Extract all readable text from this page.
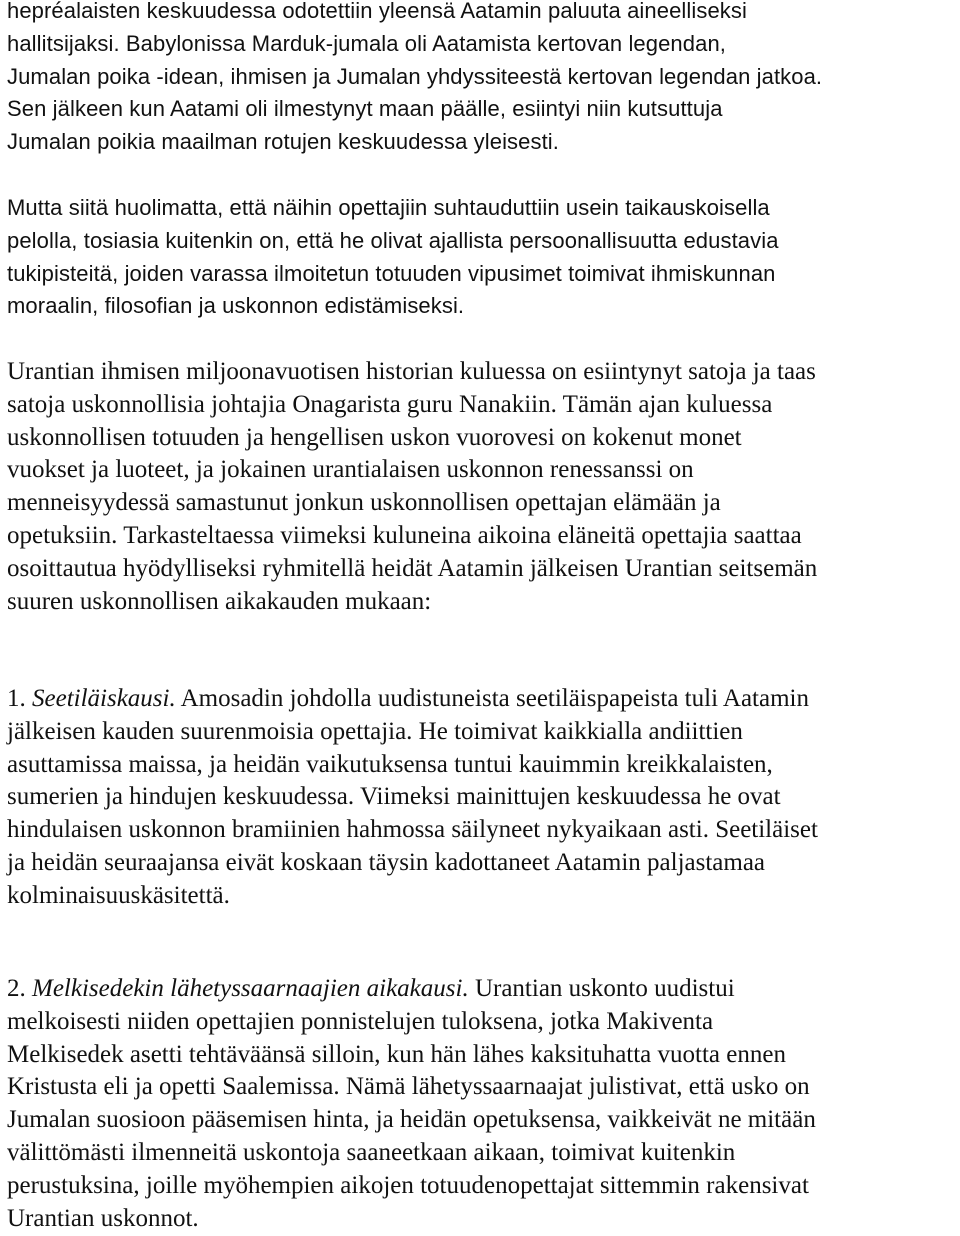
hepréalaisten keskuudessa odotettiin yleensä Aatamin paluuta aineelliseksi
hallitsijaksi. Babylonissa Marduk-jumala oli Aatamista kertovan legendan,
Jumalan poika -idean, ihmisen ja Jumalan yhdyssiteestä kertovan legendan jatkoa.
Sen jälkeen kun Aatami oli ilmestynyt maan päälle, esiintyi niin kutsuttuja
Jumalan poikia maailman rotujen keskuudessa yleisesti.
Mutta siitä huolimatta, että näihin opettajiin suhtauduttiin usein taikauskoisella
pelolla, tosiasia kuitenkin on, että he olivat ajallista persoonallisuutta edustavia
tukipisteitä, joiden varassa ilmoitetun totuuden vipusimet toimivat ihmiskunnan
moraalin, filosofian ja uskonnon edistämiseksi.
Urantian ihmisen miljoonavuotisen historian kuluessa on esiintynyt satoja ja taas
satoja uskonnollisia johtajia Onagarista guru Nanakiin. Tämän ajan kuluessa
uskonnollisen totuuden ja hengellisen uskon vuorovesi on kokenut monet
vuokset ja luoteet, ja jokainen urantialaisen uskonnon renessanssi on
menneisyydessä samastunut jonkun uskonnollisen opettajan elämään ja
opetuksiin. Tarkasteltaessa viimeksi kuluneina aikoina eläneitä opettajia saattaa
osoittautua hyödylliseksi ryhmitellä heidät Aatamin jälkeisen Urantian seitsemän
suuren uskonnollisen aikakauden mukaan:
1. Seetiläiskausi. Amosadin johdolla uudistuneista seetiläispapeista tuli Aatamin
jälkeisen kauden suurenmoisia opettajia. He toimivat kaikkialla andiittien
asuttamissa maissa, ja heidän vaikutuksensa tuntui kauimmin kreikkalaisten,
sumerien ja hindujen keskuudessa. Viimeksi mainittujen keskuudessa he ovat
hindulaisen uskonnon bramiinien hahmossa säilyneet nykyaikaan asti. Seetiläiset
ja heidän seuraajansa eivät koskaan täysin kadottaneet Aatamin paljastamaa
kolminaisuuskäsitettä.
2. Melkisedekin lähetyssaarnaajien aikakausi. Urantian uskonto uudistui
melkoisesti niiden opettajien ponnistelujen tuloksena, jotka Makiventa
Melkisedek asetti tehtäväänsä silloin, kun hän lähes kaksituhatta vuotta ennen
Kristusta eli ja opetti Saalemissa. Nämä lähetyssaarnaajat julistivat, että usko on
Jumalan suosioon pääsemisen hinta, ja heidän opetuksensa, vaikkeivät ne mitään
välittömästi ilmenneitä uskontoja saaneetkaan aikaan, toimivat kuitenkin
perustuksina, joille myöhempien aikojen totuudenopettajat sittemmin rakensivat
Urantian uskonnot.
